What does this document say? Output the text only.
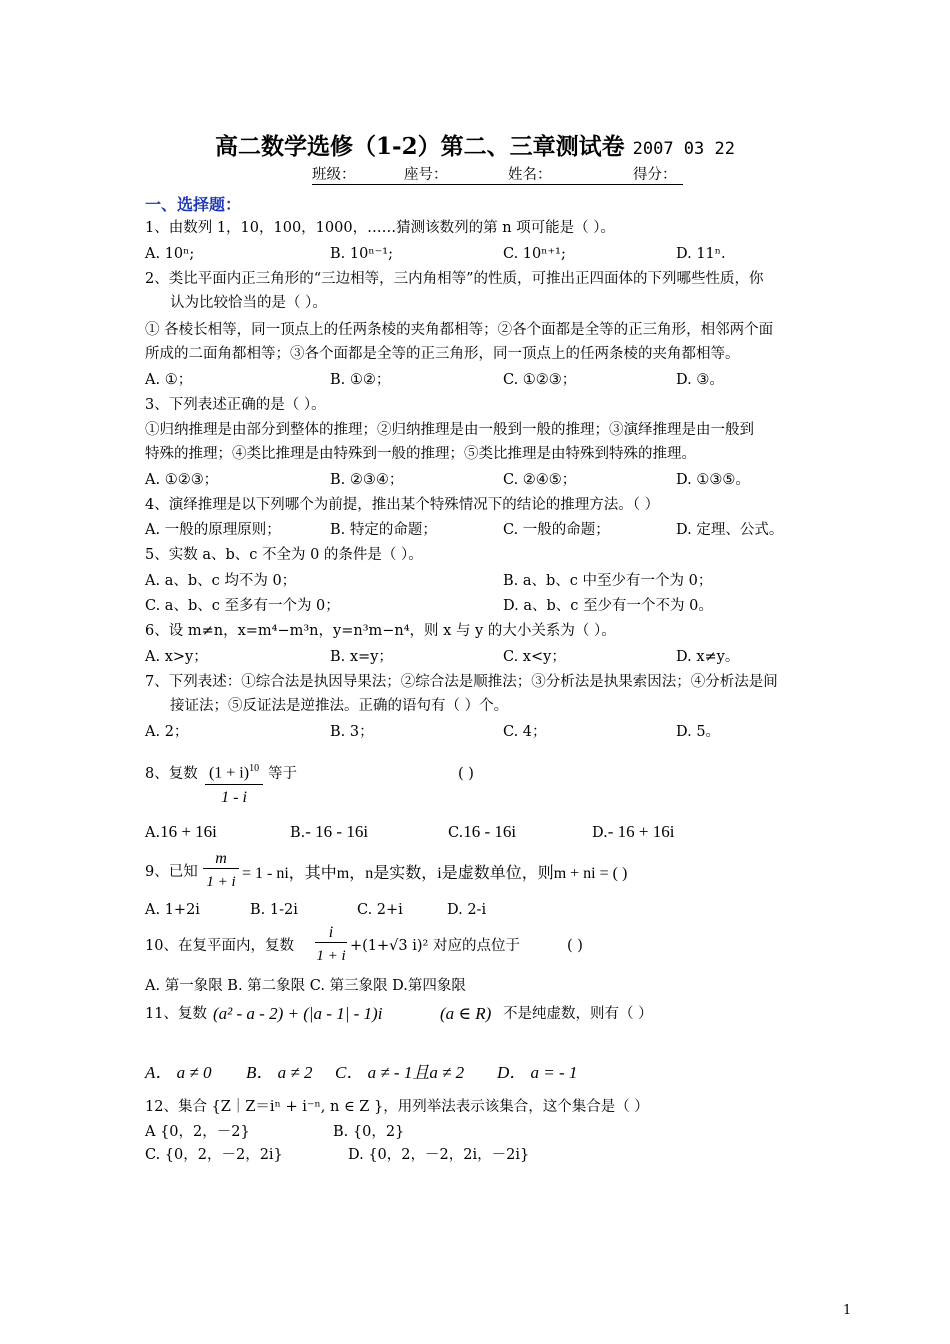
高二数学选修（1-2）第二、三章测试卷 2007 03 22
班级：	座号：	姓名：	得分：
一、选择题：
1、由数列 1，10，100，1000，……猜测该数列的第 n 项可能是（ ）。
A. 10ⁿ;	B. 10ⁿ⁻¹;	C. 10ⁿ⁺¹;	D. 11ⁿ.
2、类比平面内正三角形的“三边相等，三内角相等”的性质，可推出正四面体的下列哪些性质，你
认为比较恰当的是（ ）。
① 各棱长相等，同一顶点上的任两条棱的夹角都相等；②各个面都是全等的正三角形，相邻两个面
所成的二面角都相等；③各个面都是全等的正三角形，同一顶点上的任两条棱的夹角都相等。
A. ①；	B. ①②；	C. ①②③；	D. ③。
3、下列表述正确的是（ ）。
①归纳推理是由部分到整体的推理；②归纳推理是由一般到一般的推理；③演绎推理是由一般到
特殊的推理；④类比推理是由特殊到一般的推理；⑤类比推理是由特殊到特殊的推理。
A. ①②③；	B. ②③④；	C. ②④⑤；	D. ①③⑤。
4、演绎推理是以下列哪个为前提，推出某个特殊情况下的结论的推理方法。（ ）
A. 一般的原理原则；	B. 特定的命题；	C. 一般的命题；	D. 定理、公式。
5、实数 a、b、c 不全为 0 的条件是（ ）。
A. a、b、c 均不为 0；	B. a、b、c 中至少有一个为 0；
C. a、b、c 至多有一个为 0；	D. a、b、c 至少有一个不为 0。
6、设 m≠n，x=m⁴−m³n，y=n³m−n⁴，则 x 与 y 的大小关系为（ ）。
A. x>y；	B. x=y；	C. x<y；	D. x≠y。
7、下列表述：①综合法是执因导果法；②综合法是顺推法；③分析法是执果索因法；④分析法是间
接证法；⑤反证法是逆推法。正确的语句有（ ）个。
A. 2；	B. 3；	C. 4；	D. 5。
8、复数 $(1 + i)^{10}$
1 - i
等于	( )
A.16 + 16i	B.- 16 - 16i	C.16 - 16i	D.- 16 + 16i
9、已知
m
1 + i = 1 - ni，其中m，n是实数，i是虚数单位，则m + ni = ( )
A. 1+2i	B. 1-2i	C. 2+i	D. 2-i
10、在复平面内，复数
i
1 + i
+(1+√3 i)² 对应的点位于	( )
A. 第一象限 B. 第二象限 C. 第三象限 D.第四象限
11、复数 (a² - a - 2) + (|a - 1| - 1)i	(a ∈ R) 不是纯虚数，则有（ ）
A． a ≠ 0 B． a ≠ 2 C． a ≠ - 1且a ≠ 2 D． a = - 1
12、集合 {Z｜Z＝iⁿ + i⁻ⁿ, n ∈ Z }，用列举法表示该集合，这个集合是（ ）
A {0，2，－2}	B. {0，2}
C. {0，2，－2，2i}	D. {0，2，－2，2i，－2i}
1
